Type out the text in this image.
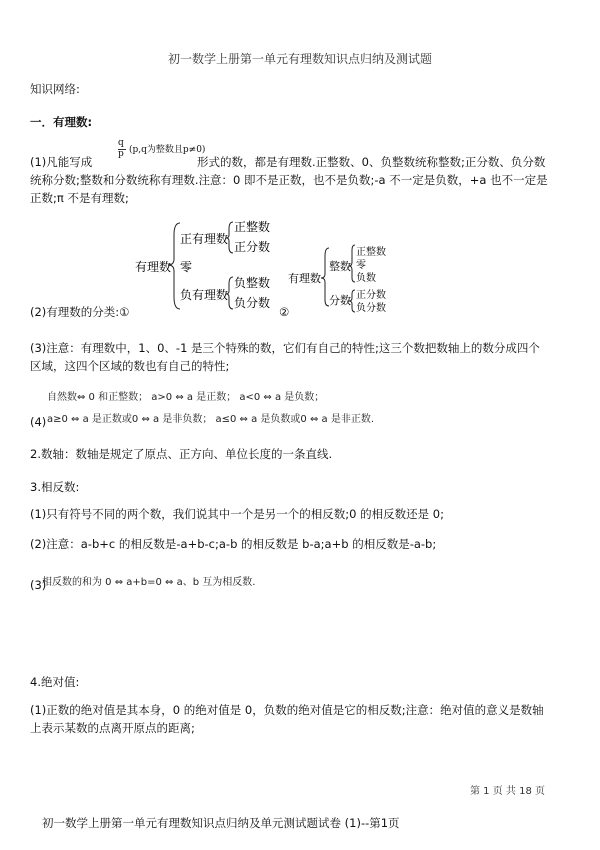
初一数学上册第一单元有理数知识点归纳及测试题
知识网络:
一．有理数:
q
p (p,q为整数且p≠0)
(1)凡能写成	形式的数，都是有理数.正整数、0、负整数统称整数;正分数、负分数
统称分数;整数和分数统称有理数.注意：0 即不是正数，也不是负数;-a 不一定是负数，+a 也不一定是
正数;π 不是有理数;
有理数
正有理数
零
负有理数
正整数
正分数
负整数
负分数
有理数
整数
分数
正整数
零
负数
正分数
负分数
(2)有理数的分类:①	②
(3)注意：有理数中，1、0、-1 是三个特殊的数，它们有自己的特性;这三个数把数轴上的数分成四个
区域，这四个区域的数也有自己的特性;
自然数⇔ 0 和正整数； a>0 ⇔ a 是正数； a<0 ⇔ a 是负数；
(4) a≥0 ⇔ a 是正数或0 ⇔ a 是非负数； a≤0 ⇔ a 是负数或0 ⇔ a 是非正数.
2.数轴：数轴是规定了原点、正方向、单位长度的一条直线.
3.相反数:
(1)只有符号不同的两个数，我们说其中一个是另一个的相反数;0 的相反数还是 0;
(2)注意：a-b+c 的相反数是-a+b-c;a-b 的相反数是 b-a;a+b 的相反数是-a-b;
(3)
相反数的和为 0 ⇔ a+b=0 ⇔ a、b 互为相反数.
4.绝对值:
(1)正数的绝对值是其本身，0 的绝对值是 0，负数的绝对值是它的相反数;注意：绝对值的意义是数轴
上表示某数的点离开原点的距离;
第 1 页 共 18 页
初一数学上册第一单元有理数知识点归纳及单元测试题试卷 (1)--第1页
